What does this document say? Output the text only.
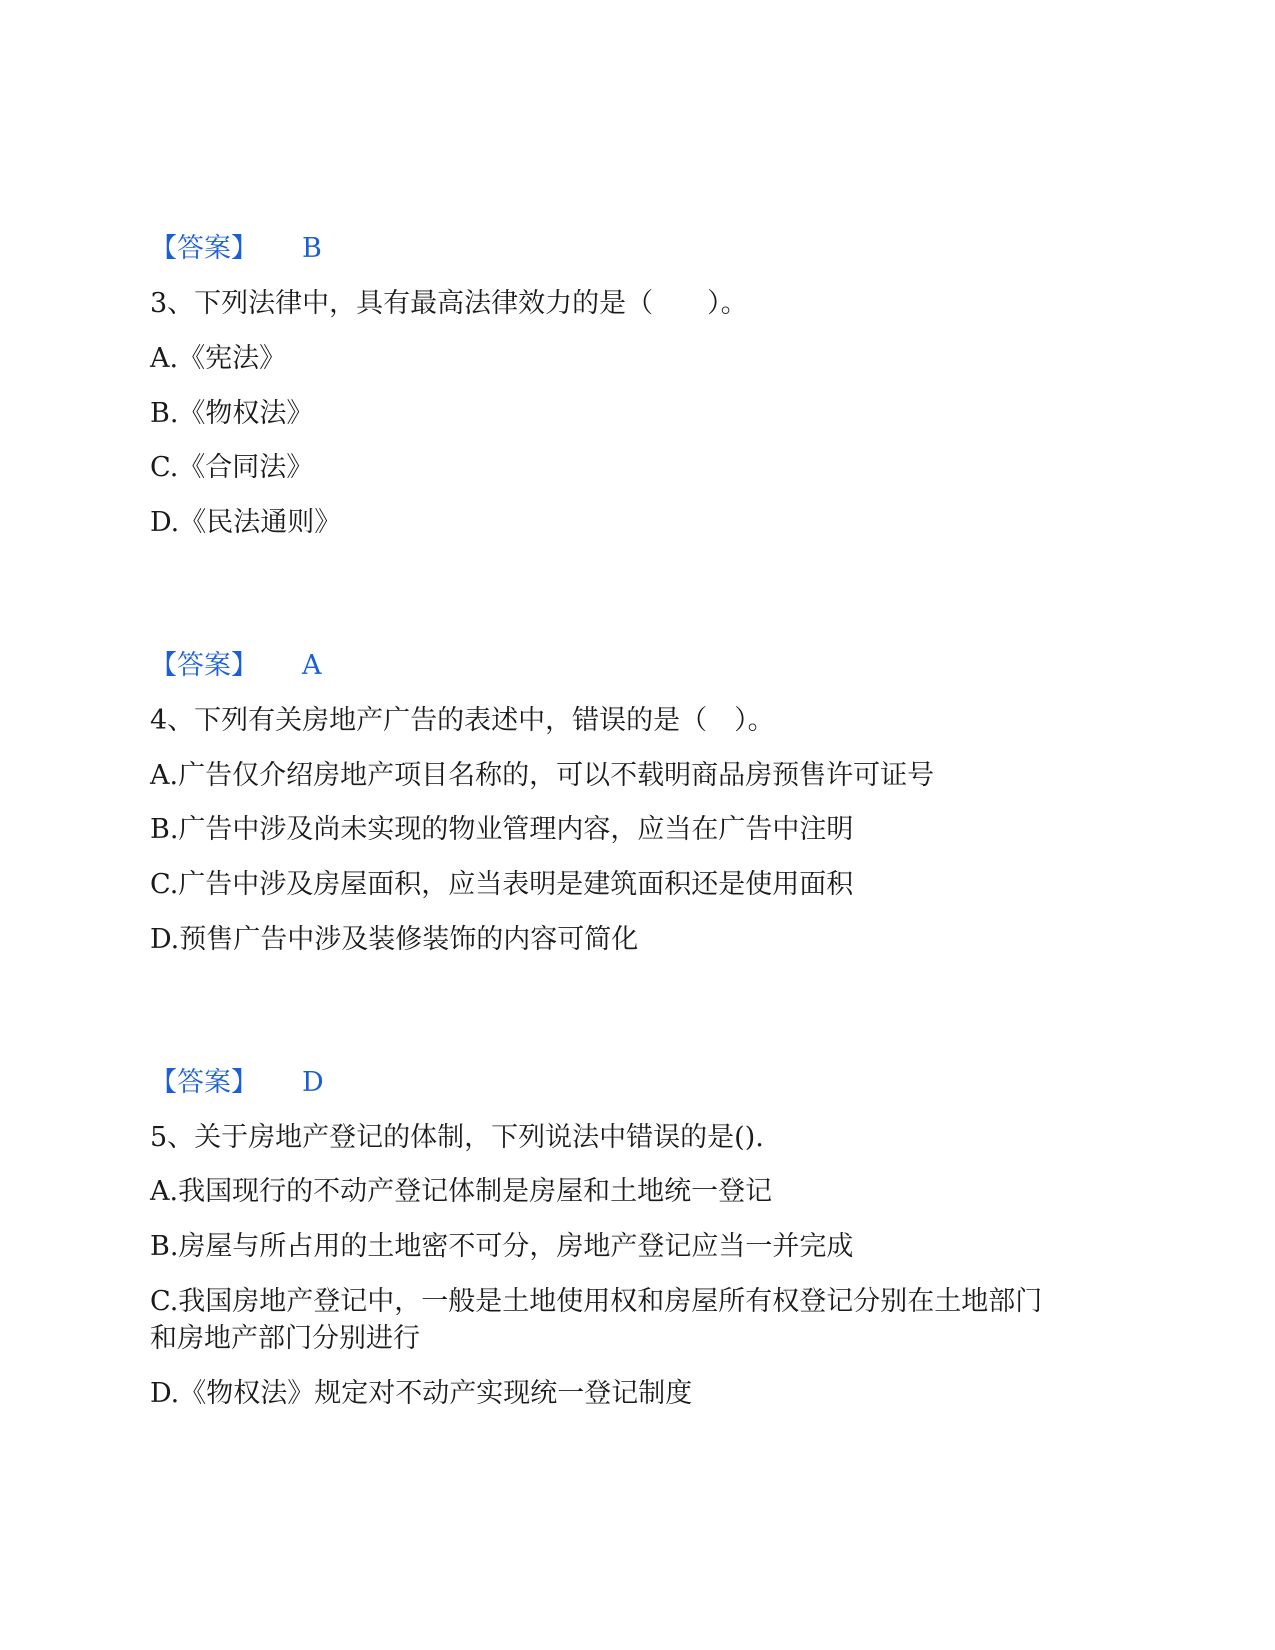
【答案】 B
3、下列法律中，具有最高法律效力的是（　　）。
A.《宪法》
B.《物权法》
C.《合同法》
D.《民法通则》
【答案】 A
4、下列有关房地产广告的表述中，错误的是（　）。
A.广告仅介绍房地产项目名称的，可以不载明商品房预售许可证号
B.广告中涉及尚未实现的物业管理内容，应当在广告中注明
C.广告中涉及房屋面积，应当表明是建筑面积还是使用面积
D.预售广告中涉及装修装饰的内容可简化
【答案】 D
5、关于房地产登记的体制，下列说法中错误的是().
A.我国现行的不动产登记体制是房屋和土地统一登记
B.房屋与所占用的土地密不可分，房地产登记应当一并完成
C.我国房地产登记中，一般是土地使用权和房屋所有权登记分别在土地部门
和房地产部门分别进行
D.《物权法》规定对不动产实现统一登记制度
